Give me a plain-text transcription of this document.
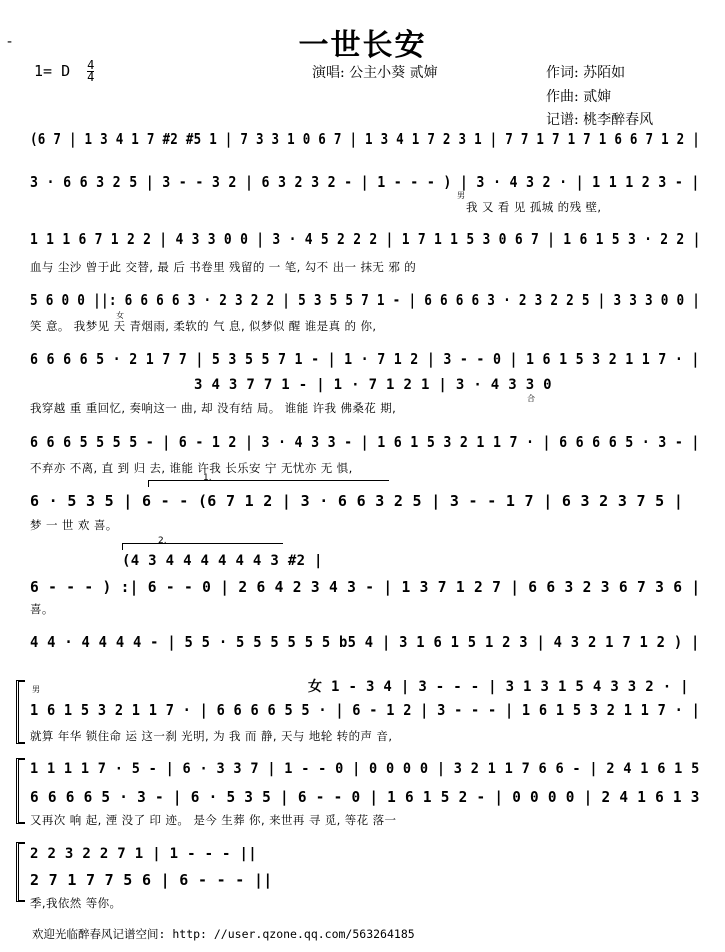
-	一世长安
1= D $\frac{4}{4}$	演唱: 公主小葵 贰婶	作词: 苏陌如
作曲: 贰婶
记谱: 桃李醉春风
(6 7 | 1 3 4 1 7 #2 #5 1 | 7 3 3 1 0 6 7 | 1 3 4 1 7 2 3 1 | 7 7 1 7 1 7 1 6 6 7 1 2 |
3 · 6 6 3 2 5 | 3 - - 3 2 | 6 3 2 3 2 - | 1 - - - ) | 3 · 4 3 2 · | 1 1 1 2 3 - |
男
我 又 看 见 孤城 的残 壁,
1 1 1 6 7 1 2 2 | 4 3 3 0 0 | 3 · 4 5 2 2 2 | 1 7 1 1 5 3 0 6 7 | 1 6 1 5 3 · 2 2 |
血与 尘沙 曾于此 交替, 最 后 书卷里 残留的 一 笔, 勾不 出一 抹无 邪 的
5 6 0 0 ||: 6 6 6 6 3 · 2 3 2 2 | 5 3 5 5 7 1 - | 6 6 6 6 3 · 2 3 2 2 5 | 3 3 3 0 0 |
女
笑 意。 我梦见 天 青烟雨, 柔软的 气 息, 似梦似 醒 谁是真 的 你,
6 6 6 6 5 · 2 1 7 7 | 5 3 5 5 7 1 - | 1 · 7 1 2 | 3 - - 0 | 1 6 1 5 3 2 1 1 7 · |
3 4 3 7 7 1 - | 1 · 7 1 2 1 | 3 · 4 3 3 0
合
我穿越 重 重回忆, 奏响这一 曲, 却 没有结 局。 谁能 许我 佛桑花 期,
6 6 6 5 5 5 5 - | 6 - 1 2 | 3 · 4 3 3 - | 1 6 1 5 3 2 1 1 7 · | 6 6 6 6 5 · 3 - |
不弃亦 不离, 直 到 归 去, 谁能 许我 长乐安 宁 无忧亦 无 惧,
1.
6 · 5 3 5 | 6 - - (6 7 1 2 | 3 · 6 6 3 2 5 | 3 - - 1 7 | 6 3 2 3 7 5 |
梦 一 世 欢 喜。
2.
(4 3 4 4 4 4 4 4 3 #2 |
6 - - - ) :| 6 - - 0 | 2 6 4 2 3 4 3 - | 1 3 7 1 2 7 | 6 6 3 2 3 6 7 3 6 |
喜。
4 4 · 4 4 4 4 - | 5 5 · 5 5 5 5 5 5 b5 4 | 3 1 6 1 5 1 2 3 | 4 3 2 1 7 1 2 ) |
男	女 1 - 3 4 | 3 - - - | 3 1 3 1 5 4 3 3 2 · |
1 6 1 5 3 2 1 1 7 · | 6 6 6 6 5 5 · | 6 - 1 2 | 3 - - - | 1 6 1 5 3 2 1 1 7 · |
就算 年华 锁住命 运 这一刹 光明, 为 我 而 静, 天与 地轮 转的声 音,
1 1 1 1 7 · 5 - | 6 · 3 3 7 | 1 - - 0 | 0 0 0 0 | 3 2 1 1 7 6 6 - | 2 4 1 6 1 5
6 6 6 6 5 · 3 - | 6 · 5 3 5 | 6 - - 0 | 1 6 1 5 2 - | 0 0 0 0 | 2 4 1 6 1 3
又再次 响 起, 湮 没了 印 迹。 是今 生葬 你, 来世再 寻 觅, 等花 落一
2 2 3 2 2 7 1 | 1 - - - ||
2 7 1 7 7 5 6 | 6 - - - ||
季,我依然 等你。
欢迎光临醉春风记谱空间: http: //user.qzone.qq.com/563264185
